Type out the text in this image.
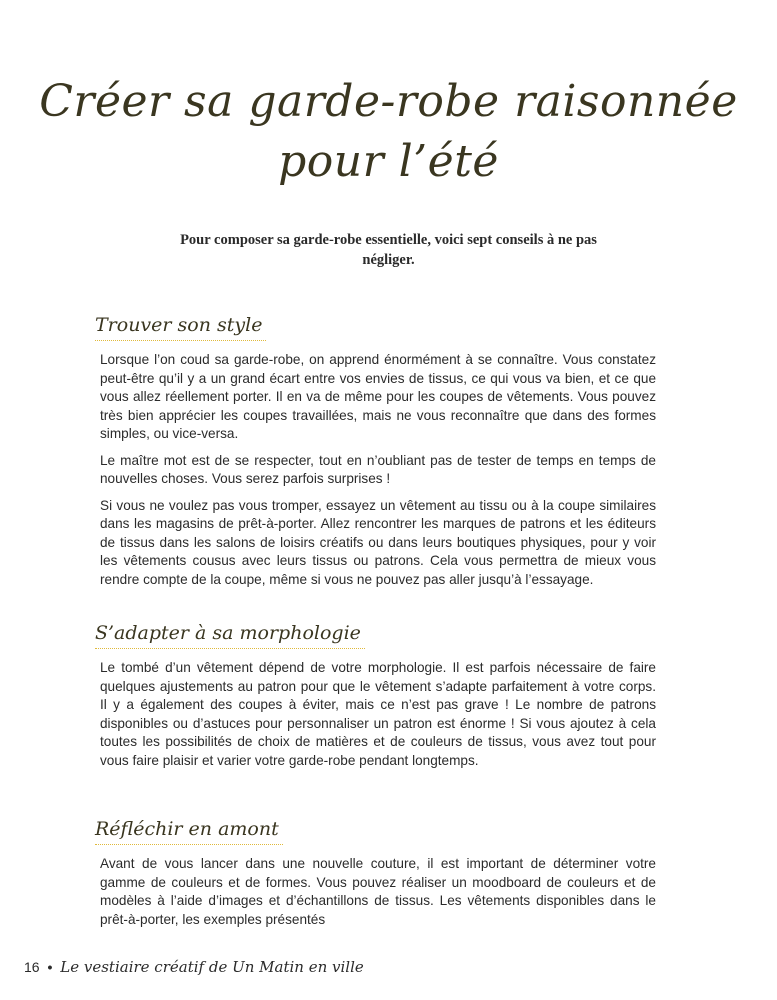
Créer sa garde-robe raisonnée
pour l’été

Pour composer sa garde-robe essentielle, voici sept conseils à ne pas négliger.

Trouver son style

Lorsque l’on coud sa garde-robe, on apprend énormément à se connaître. Vous constatez peut-être qu’il y a un grand écart entre vos envies de tissus, ce qui vous va bien, et ce que vous allez réellement porter. Il en va de même pour les coupes de vêtements. Vous pouvez très bien apprécier les coupes travaillées, mais ne vous reconnaître que dans des formes simples, ou vice-versa.

Le maître mot est de se respecter, tout en n’oubliant pas de tester de temps en temps de nouvelles choses. Vous serez parfois surprises !

Si vous ne voulez pas vous tromper, essayez un vêtement au tissu ou à la coupe similaires dans les magasins de prêt-à-porter. Allez rencontrer les marques de patrons et les éditeurs de tissus dans les salons de loisirs créatifs ou dans leurs boutiques physiques, pour y voir les vêtements cousus avec leurs tissus ou patrons. Cela vous permettra de mieux vous rendre compte de la coupe, même si vous ne pouvez pas aller jusqu’à l’essayage.

S’adapter à sa morphologie

Le tombé d’un vêtement dépend de votre morphologie. Il est parfois nécessaire de faire quelques ajustements au patron pour que le vêtement s’adapte parfaitement à votre corps. Il y a également des coupes à éviter, mais ce n’est pas grave ! Le nombre de patrons disponibles ou d’astuces pour personnaliser un patron est énorme ! Si vous ajoutez à cela toutes les possibilités de choix de matières et de couleurs de tissus, vous avez tout pour vous faire plaisir et varier votre garde-robe pendant longtemps.

Réfléchir en amont

Avant de vous lancer dans une nouvelle couture, il est important de déterminer votre gamme de couleurs et de formes. Vous pouvez réaliser un moodboard de couleurs et de modèles à l’aide d’images et d’échantillons de tissus. Les vêtements disponibles dans le prêt-à-porter, les exemples présentés

16 • Le vestiaire créatif de Un Matin en ville
